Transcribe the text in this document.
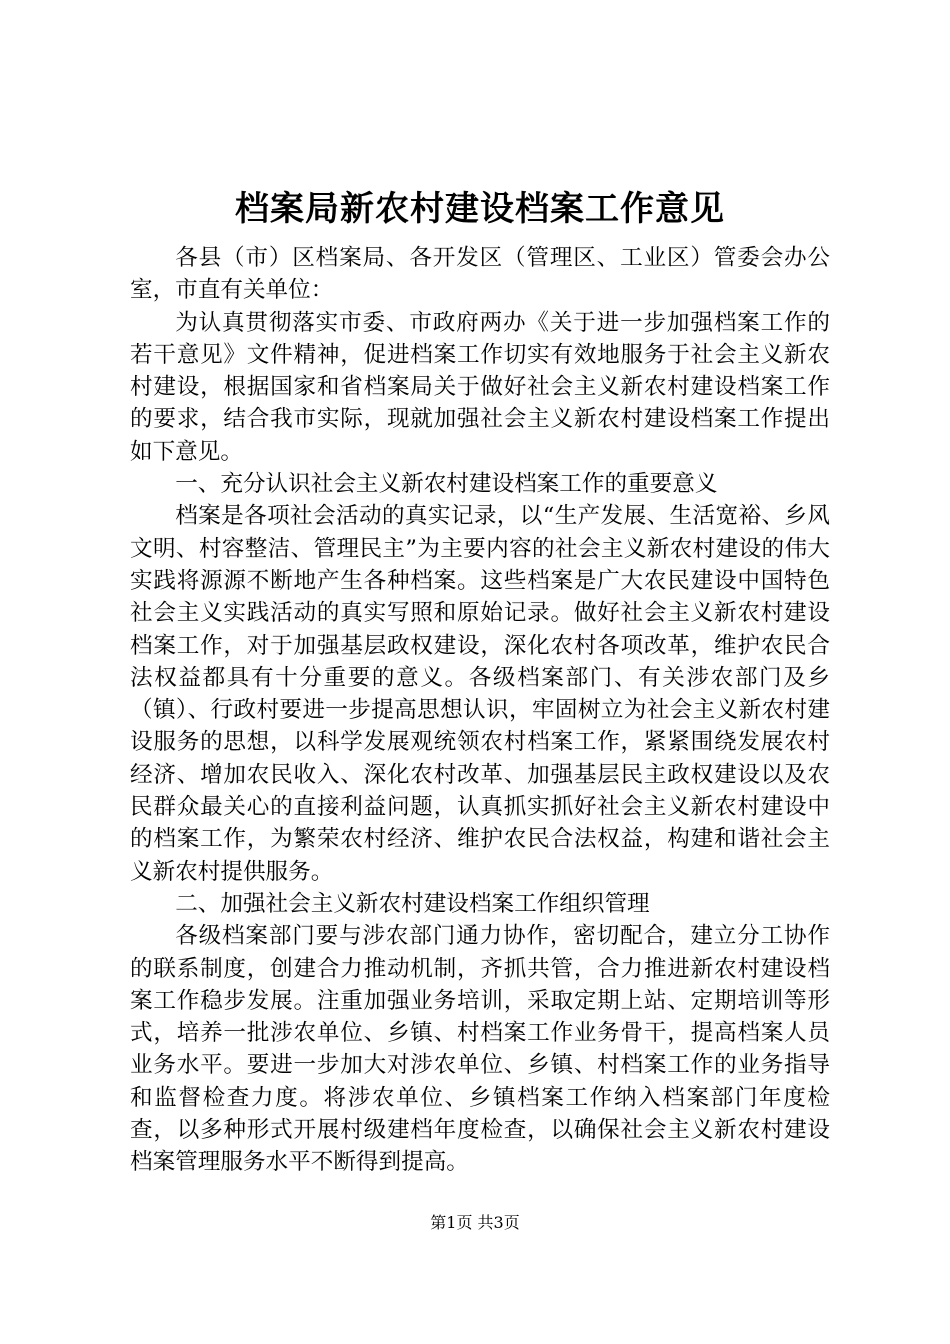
档案局新农村建设档案工作意见

各县（市）区档案局、各开发区（管理区、工业区）管委会办公室，市直有关单位：

为认真贯彻落实市委、市政府两办《关于进一步加强档案工作的若干意见》文件精神，促进档案工作切实有效地服务于社会主义新农村建设，根据国家和省档案局关于做好社会主义新农村建设档案工作的要求，结合我市实际，现就加强社会主义新农村建设档案工作提出如下意见。

一、充分认识社会主义新农村建设档案工作的重要意义

档案是各项社会活动的真实记录，以“生产发展、生活宽裕、乡风文明、村容整洁、管理民主”为主要内容的社会主义新农村建设的伟大实践将源源不断地产生各种档案。这些档案是广大农民建设中国特色社会主义实践活动的真实写照和原始记录。做好社会主义新农村建设档案工作，对于加强基层政权建设，深化农村各项改革，维护农民合法权益都具有十分重要的意义。各级档案部门、有关涉农部门及乡（镇）、行政村要进一步提高思想认识，牢固树立为社会主义新农村建设服务的思想，以科学发展观统领农村档案工作，紧紧围绕发展农村经济、增加农民收入、深化农村改革、加强基层民主政权建设以及农民群众最关心的直接利益问题，认真抓实抓好社会主义新农村建设中的档案工作，为繁荣农村经济、维护农民合法权益，构建和谐社会主义新农村提供服务。

二、加强社会主义新农村建设档案工作组织管理

各级档案部门要与涉农部门通力协作，密切配合，建立分工协作的联系制度，创建合力推动机制，齐抓共管，合力推进新农村建设档案工作稳步发展。注重加强业务培训，采取定期上站、定期培训等形式，培养一批涉农单位、乡镇、村档案工作业务骨干，提高档案人员业务水平。要进一步加大对涉农单位、乡镇、村档案工作的业务指导和监督检查力度。将涉农单位、乡镇档案工作纳入档案部门年度检查，以多种形式开展村级建档年度检查，以确保社会主义新农村建设档案管理服务水平不断得到提高。

第1页 共3页
